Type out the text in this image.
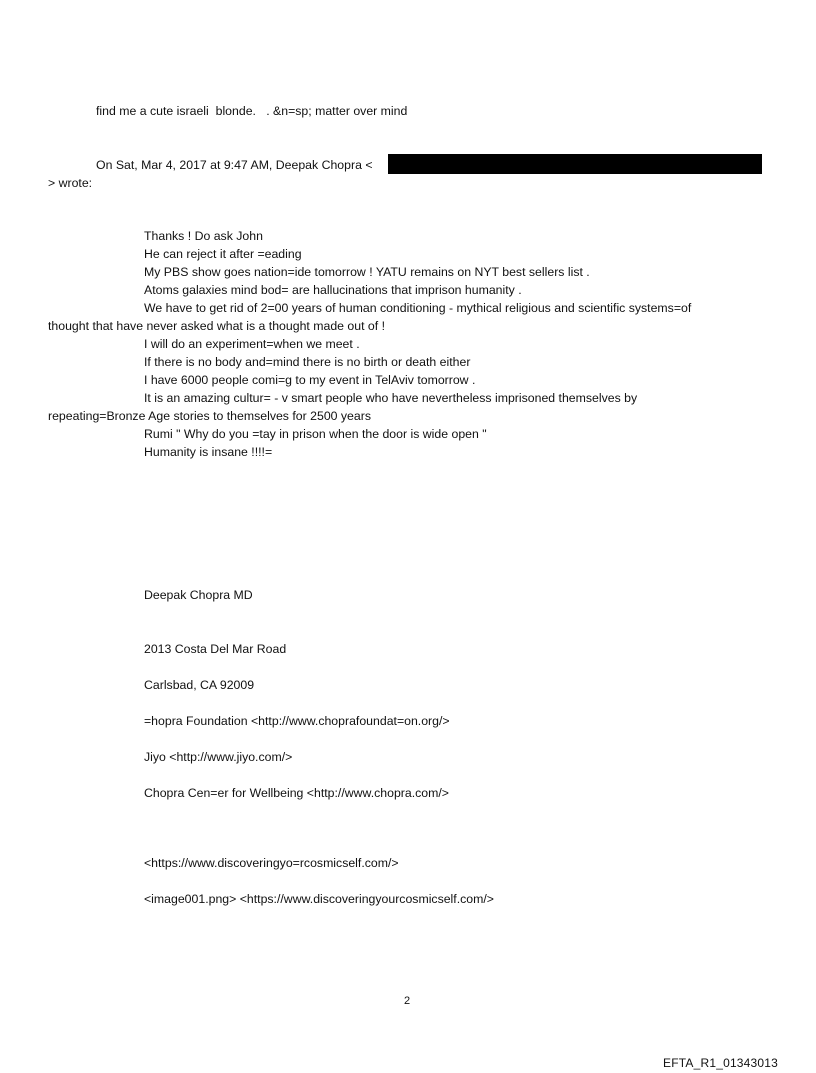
find me a cute israeli  blonde.   . &n=sp; matter over mind
On Sat, Mar 4, 2017 at 9:47 AM, Deepak Chopra <
> wrote:
Thanks ! Do ask John
He can reject it after =eading
My PBS show goes nation=ide tomorrow ! YATU remains on NYT best sellers list .
Atoms galaxies mind bod= are hallucinations that imprison humanity .
We have to get rid of 2=00 years of human conditioning - mythical religious and scientific systems=of
thought that have never asked what is a thought made out of !
I will do an experiment=when we meet .
If there is no body and=mind there is no birth or death either
I have 6000 people comi=g to my event in TelAviv tomorrow .
It is an amazing cultur= - v smart people who have nevertheless imprisoned themselves by
repeating=Bronze Age stories to themselves for 2500 years
Rumi " Why do you =tay in prison when the door is wide open "
Humanity is insane !!!!=
Deepak Chopra MD
2013 Costa Del Mar Road
Carlsbad, CA 92009
=hopra Foundation <http://www.choprafoundat=on.org/>
Jiyo <http://www.jiyo.com/>
Chopra Cen=er for Wellbeing <http://www.chopra.com/>
<https://www.discoveringyo=rcosmicself.com/>
<image001.png> <https://www.discoveringyourcosmicself.com/>
2
EFTA_R1_01343013
